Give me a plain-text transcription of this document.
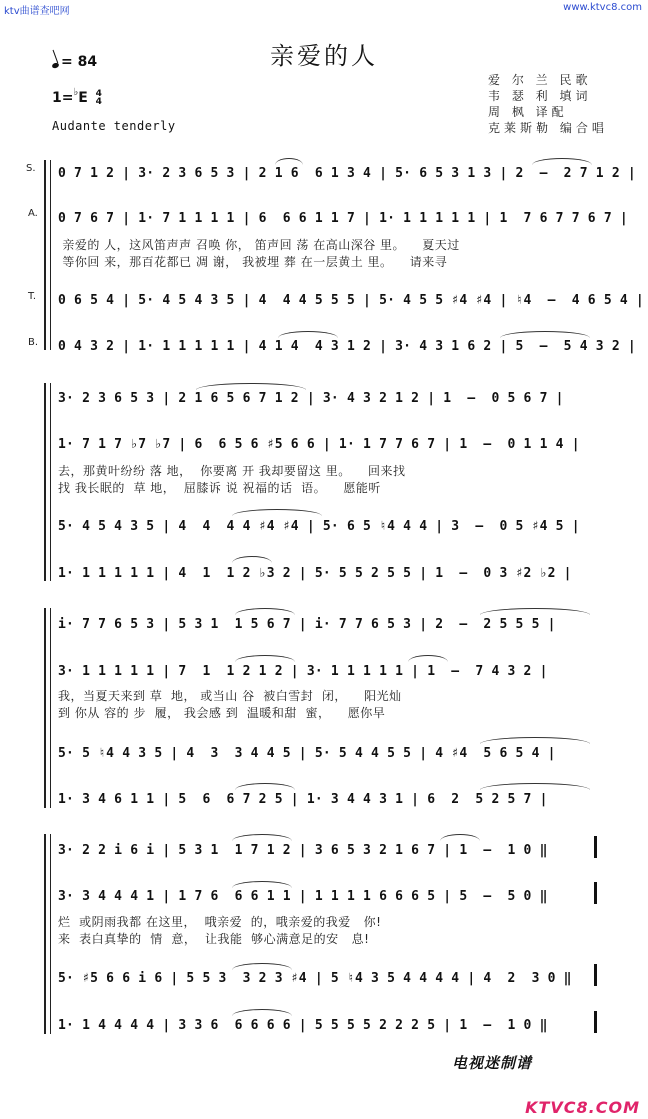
ktv曲谱查吧网	www.ktvc8.com
亲爱的人
= 84
1=♭E 4
4
Audante tenderly
爱 尔 兰 民歌
韦 瑟 利 填词
周 枫 译配
克莱斯勒 编合唱
S.
A.
T.
B.
0 7 1 2 | 3· 2 3 6 5 3 | 2 1 6  6 1 3 4 | 5· 6 5 3 1 3 | 2  –  2 7 1 2 |
0 7 6 7 | 1· 7 1 1 1 1 | 6  6 6 1 1 7 | 1· 1 1 1 1 1 | 1  7 6 7 7 6 7 |
亲爱的 人，这风笛声声 召唤 你， 笛声回 荡 在高山深谷 里。    夏天过
等你回 来，那百花都已 凋 谢， 我被埋 葬 在一层黄土 里。    请来寻
0 6 5 4 | 5· 4 5 4 3 5 | 4  4 4 5 5 5 | 5· 4 5 5 ♯4 ♯4 | ♮4  –  4 6 5 4 |
0 4 3 2 | 1· 1 1 1 1 1 | 4 1 4  4 3 1 2 | 3· 4 3 1 6 2 | 5  –  5 4 3 2 |
3· 2 3 6 5 3 | 2 1 6 5 6 7 1 2 | 3· 4 3 2 1 2 | 1  –  0 5 6 7 |
1· 7 1 7 ♭7 ♭7 | 6  6 5 6 ♯5 6 6 | 1· 1 7 7 6 7 | 1  –  0 1 1 4 |
去，那黄叶纷纷 落 地，  你要离 开 我却要留这 里。    回来找
找 我长眠的  草 地，  屈膝诉 说 祝福的话  语。    愿能听
5· 4 5 4 3 5 | 4  4  4 4 ♯4 ♯4 | 5· 6 5 ♮4 4 4 | 3  –  0 5 ♯4 5 |
1· 1 1 1 1 1 | 4  1  1 2 ♭3 2 | 5· 5 5 2 5 5 | 1  –  0 3 ♯2 ♭2 |
i· 7 7 6 5 3 | 5 3 1  1 5 6 7 | i· 7 7 6 5 3 | 2  –  2 5 5 5 |
3· 1 1 1 1 1 | 7  1  1 2 1 2 | 3· 1 1 1 1 1 | 1  –  7 4 3 2 |
我，当夏天来到 草  地， 或当山 谷  被白雪封  闭，    阳光灿
到 你从 容的 步  履， 我会感 到  温暖和甜  蜜，    愿你早
5· 5 ♮4 4 3 5 | 4  3  3 4 4 5 | 5· 5 4 4 5 5 | 4 ♯4  5 6 5 4 |
1· 3 4 6 1 1 | 5  6  6 7 2 5 | 1· 3 4 4 3 1 | 6  2  5 2 5 7 |
3· 2 2 i 6 i | 5 3 1  1 7 1 2 | 3 6 5 3 2 1 6 7 | 1  –  1 0 ‖
3· 3 4 4 4 1 | 1 7 6  6 6 1 1 | 1 1 1 1 6 6 6 5 | 5  –  5 0 ‖
烂  或阴雨我都 在这里，  哦亲爱  的，哦亲爱的我爱   你!
来  表白真挚的  情  意，  让我能  够心满意足的安   息!
5· ♯5 6 6 i 6 | 5 5 3  3 2 3 ♯4 | 5 ♮4 3 5 4 4 4 4 | 4  2  3 0 ‖
1· 1 4 4 4 4 | 3 3 6  6 6 6 6 | 5 5 5 5 2 2 2 5 | 1  –  1 0 ‖
电视迷制谱
KTVC8.COM
